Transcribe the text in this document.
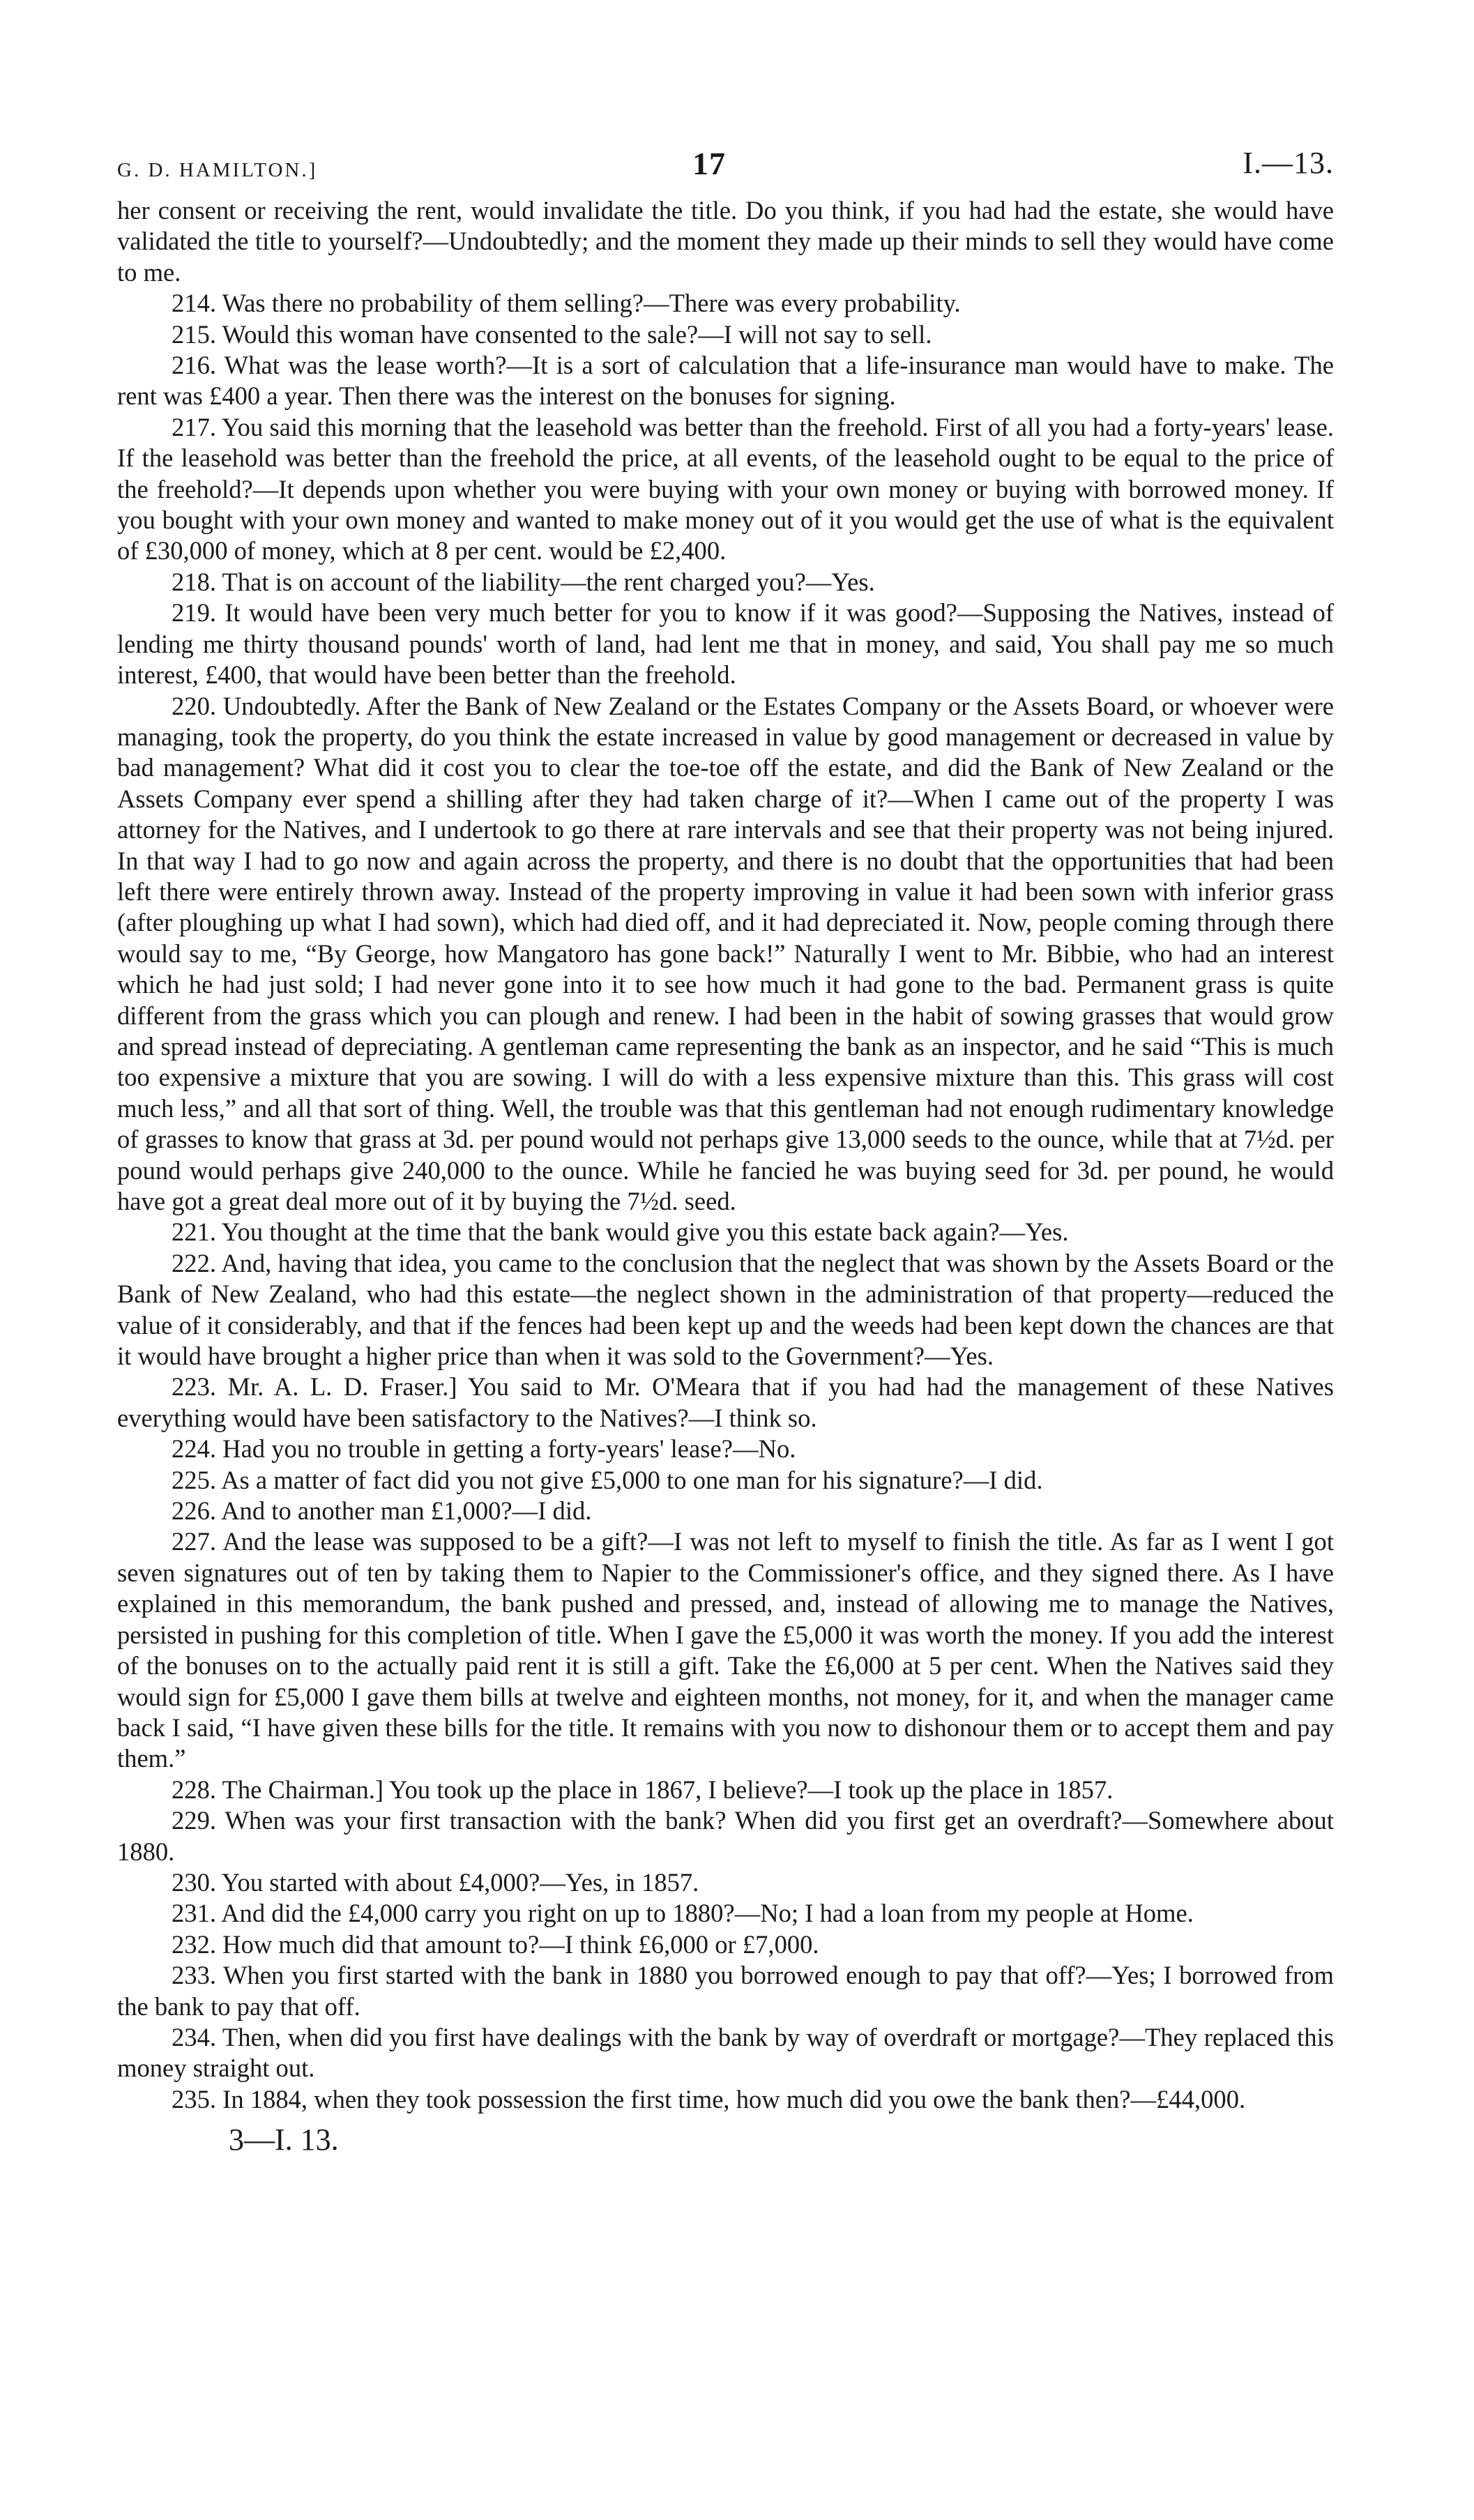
G. D. HAMILTON.]	17	I.—13.

her consent or receiving the rent, would invalidate the title. Do you think, if you had had the estate, she would have validated the title to yourself?—Undoubtedly; and the moment they made up their minds to sell they would have come to me.

214. Was there no probability of them selling?—There was every probability.

215. Would this woman have consented to the sale?—I will not say to sell.

216. What was the lease worth?—It is a sort of calculation that a life-insurance man would have to make. The rent was £400 a year. Then there was the interest on the bonuses for signing.

217. You said this morning that the leasehold was better than the freehold. First of all you had a forty-years' lease. If the leasehold was better than the freehold the price, at all events, of the leasehold ought to be equal to the price of the freehold?—It depends upon whether you were buying with your own money or buying with borrowed money. If you bought with your own money and wanted to make money out of it you would get the use of what is the equivalent of £30,000 of money, which at 8 per cent. would be £2,400.

218. That is on account of the liability—the rent charged you?—Yes.

219. It would have been very much better for you to know if it was good?—Supposing the Natives, instead of lending me thirty thousand pounds' worth of land, had lent me that in money, and said, You shall pay me so much interest, £400, that would have been better than the freehold.

220. Undoubtedly. After the Bank of New Zealand or the Estates Company or the Assets Board, or whoever were managing, took the property, do you think the estate increased in value by good management or decreased in value by bad management? What did it cost you to clear the toe-toe off the estate, and did the Bank of New Zealand or the Assets Company ever spend a shilling after they had taken charge of it?—When I came out of the property I was attorney for the Natives, and I undertook to go there at rare intervals and see that their property was not being injured. In that way I had to go now and again across the property, and there is no doubt that the opportunities that had been left there were entirely thrown away. Instead of the property improving in value it had been sown with inferior grass (after ploughing up what I had sown), which had died off, and it had depreciated it. Now, people coming through there would say to me, “By George, how Mangatoro has gone back!” Naturally I went to Mr. Bibbie, who had an interest which he had just sold; I had never gone into it to see how much it had gone to the bad. Permanent grass is quite different from the grass which you can plough and renew. I had been in the habit of sowing grasses that would grow and spread instead of depreciating. A gentleman came representing the bank as an inspector, and he said “This is much too expensive a mixture that you are sowing. I will do with a less expensive mixture than this. This grass will cost much less,” and all that sort of thing. Well, the trouble was that this gentleman had not enough rudimentary knowledge of grasses to know that grass at 3d. per pound would not perhaps give 13,000 seeds to the ounce, while that at 7½d. per pound would perhaps give 240,000 to the ounce. While he fancied he was buying seed for 3d. per pound, he would have got a great deal more out of it by buying the 7½d. seed.

221. You thought at the time that the bank would give you this estate back again?—Yes.

222. And, having that idea, you came to the conclusion that the neglect that was shown by the Assets Board or the Bank of New Zealand, who had this estate—the neglect shown in the administration of that property—reduced the value of it considerably, and that if the fences had been kept up and the weeds had been kept down the chances are that it would have brought a higher price than when it was sold to the Government?—Yes.

223. Mr. A. L. D. Fraser.] You said to Mr. O'Meara that if you had had the management of these Natives everything would have been satisfactory to the Natives?—I think so.

224. Had you no trouble in getting a forty-years' lease?—No.

225. As a matter of fact did you not give £5,000 to one man for his signature?—I did.

226. And to another man £1,000?—I did.

227. And the lease was supposed to be a gift?—I was not left to myself to finish the title. As far as I went I got seven signatures out of ten by taking them to Napier to the Commissioner's office, and they signed there. As I have explained in this memorandum, the bank pushed and pressed, and, instead of allowing me to manage the Natives, persisted in pushing for this completion of title. When I gave the £5,000 it was worth the money. If you add the interest of the bonuses on to the actually paid rent it is still a gift. Take the £6,000 at 5 per cent. When the Natives said they would sign for £5,000 I gave them bills at twelve and eighteen months, not money, for it, and when the manager came back I said, “I have given these bills for the title. It remains with you now to dishonour them or to accept them and pay them.”

228. The Chairman.] You took up the place in 1867, I believe?—I took up the place in 1857.

229. When was your first transaction with the bank? When did you first get an overdraft?—Somewhere about 1880.

230. You started with about £4,000?—Yes, in 1857.

231. And did the £4,000 carry you right on up to 1880?—No; I had a loan from my people at Home.

232. How much did that amount to?—I think £6,000 or £7,000.

233. When you first started with the bank in 1880 you borrowed enough to pay that off?—Yes; I borrowed from the bank to pay that off.

234. Then, when did you first have dealings with the bank by way of overdraft or mortgage?—They replaced this money straight out.

235. In 1884, when they took possession the first time, how much did you owe the bank then?—£44,000.

3—I. 13.
